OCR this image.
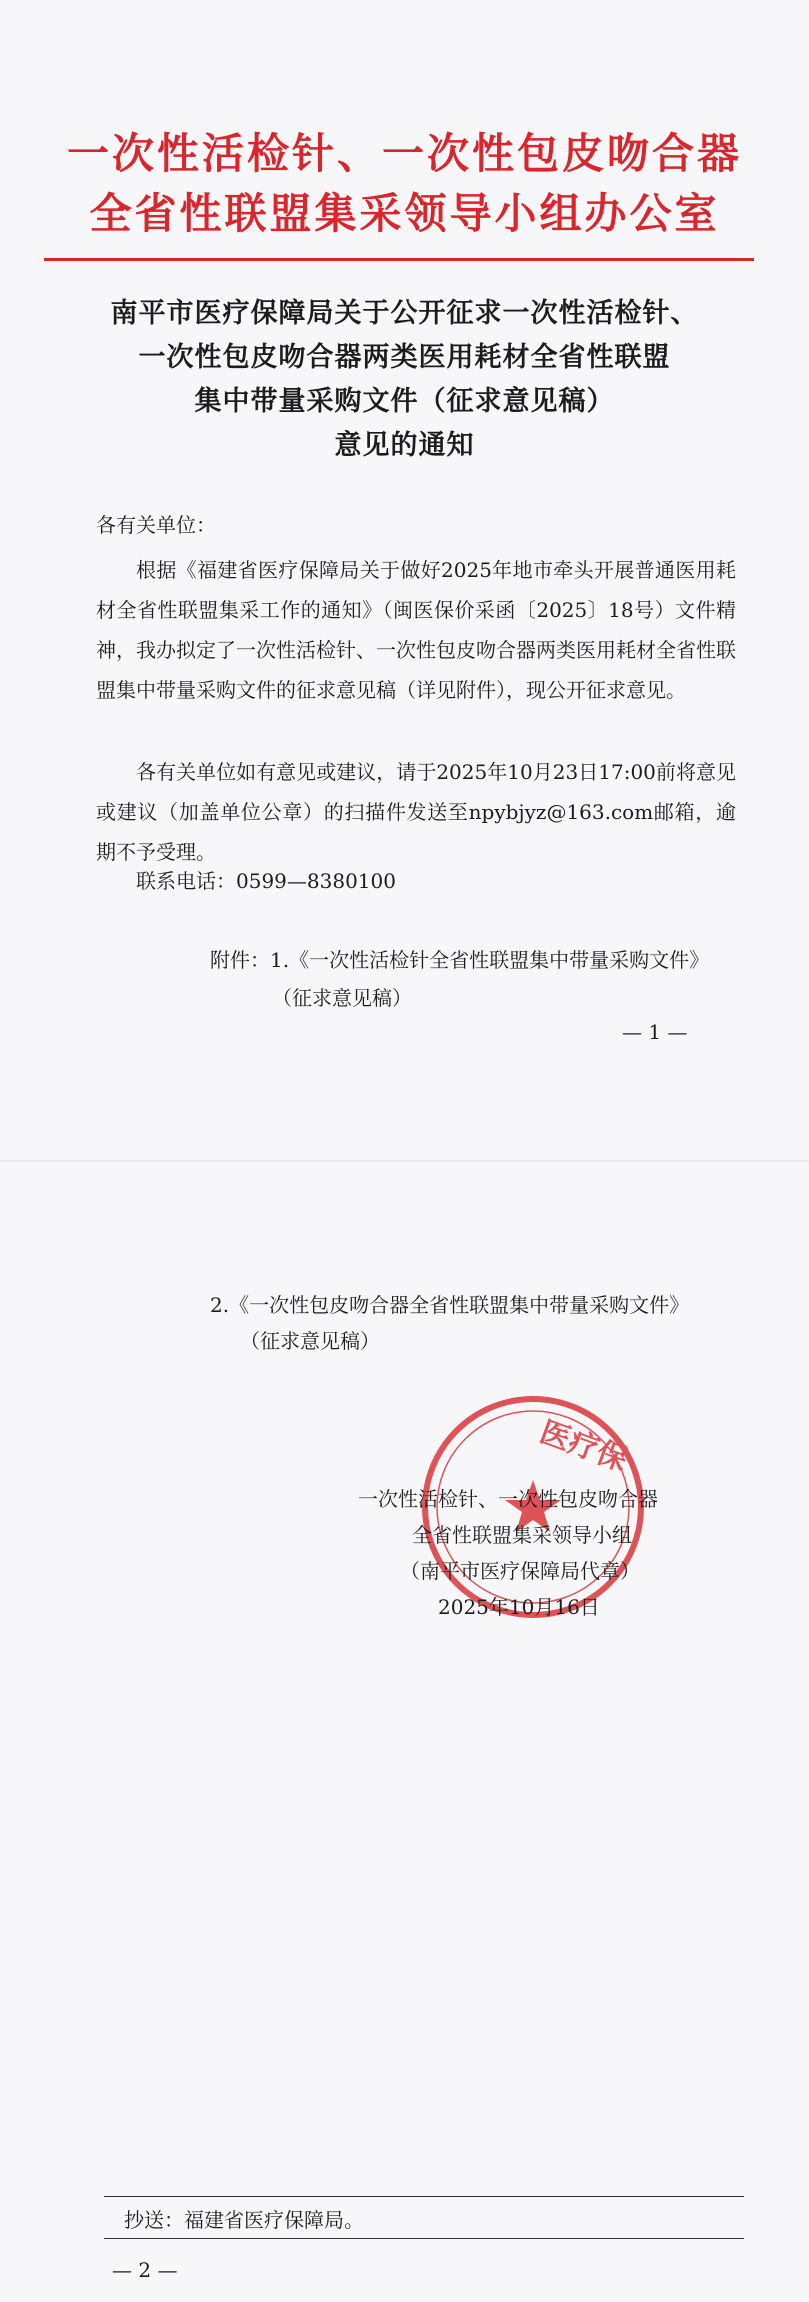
一次性活检针、一次性包皮吻合器
全省性联盟集采领导小组办公室
南平市医疗保障局关于公开征求一次性活检针、
一次性包皮吻合器两类医用耗材全省性联盟
集中带量采购文件（征求意见稿）
意见的通知
各有关单位：
根据《福建省医疗保障局关于做好2025年地市牵头开展普通医用耗材全省性联盟集采工作的通知》（闽医保价采函〔2025〕18号）文件精神，我办拟定了一次性活检针、一次性包皮吻合器两类医用耗材全省性联盟集中带量采购文件的征求意见稿（详见附件），现公开征求意见。
各有关单位如有意见或建议，请于2025年10月23日17:00前将意见或建议（加盖单位公章）的扫描件发送至npybjyz@163.com邮箱，逾期不予受理。
联系电话：0599—8380100
附件：1.《一次性活检针全省性联盟集中带量采购文件》
（征求意见稿）
— 1 —
2.《一次性包皮吻合器全省性联盟集中带量采购文件》
（征求意见稿）
医疗保
一次性活检针、一次性包皮吻合器
全省性联盟集采领导小组
（南平市医疗保障局代章）
2025年10月16日
抄送：福建省医疗保障局。
— 2 —
